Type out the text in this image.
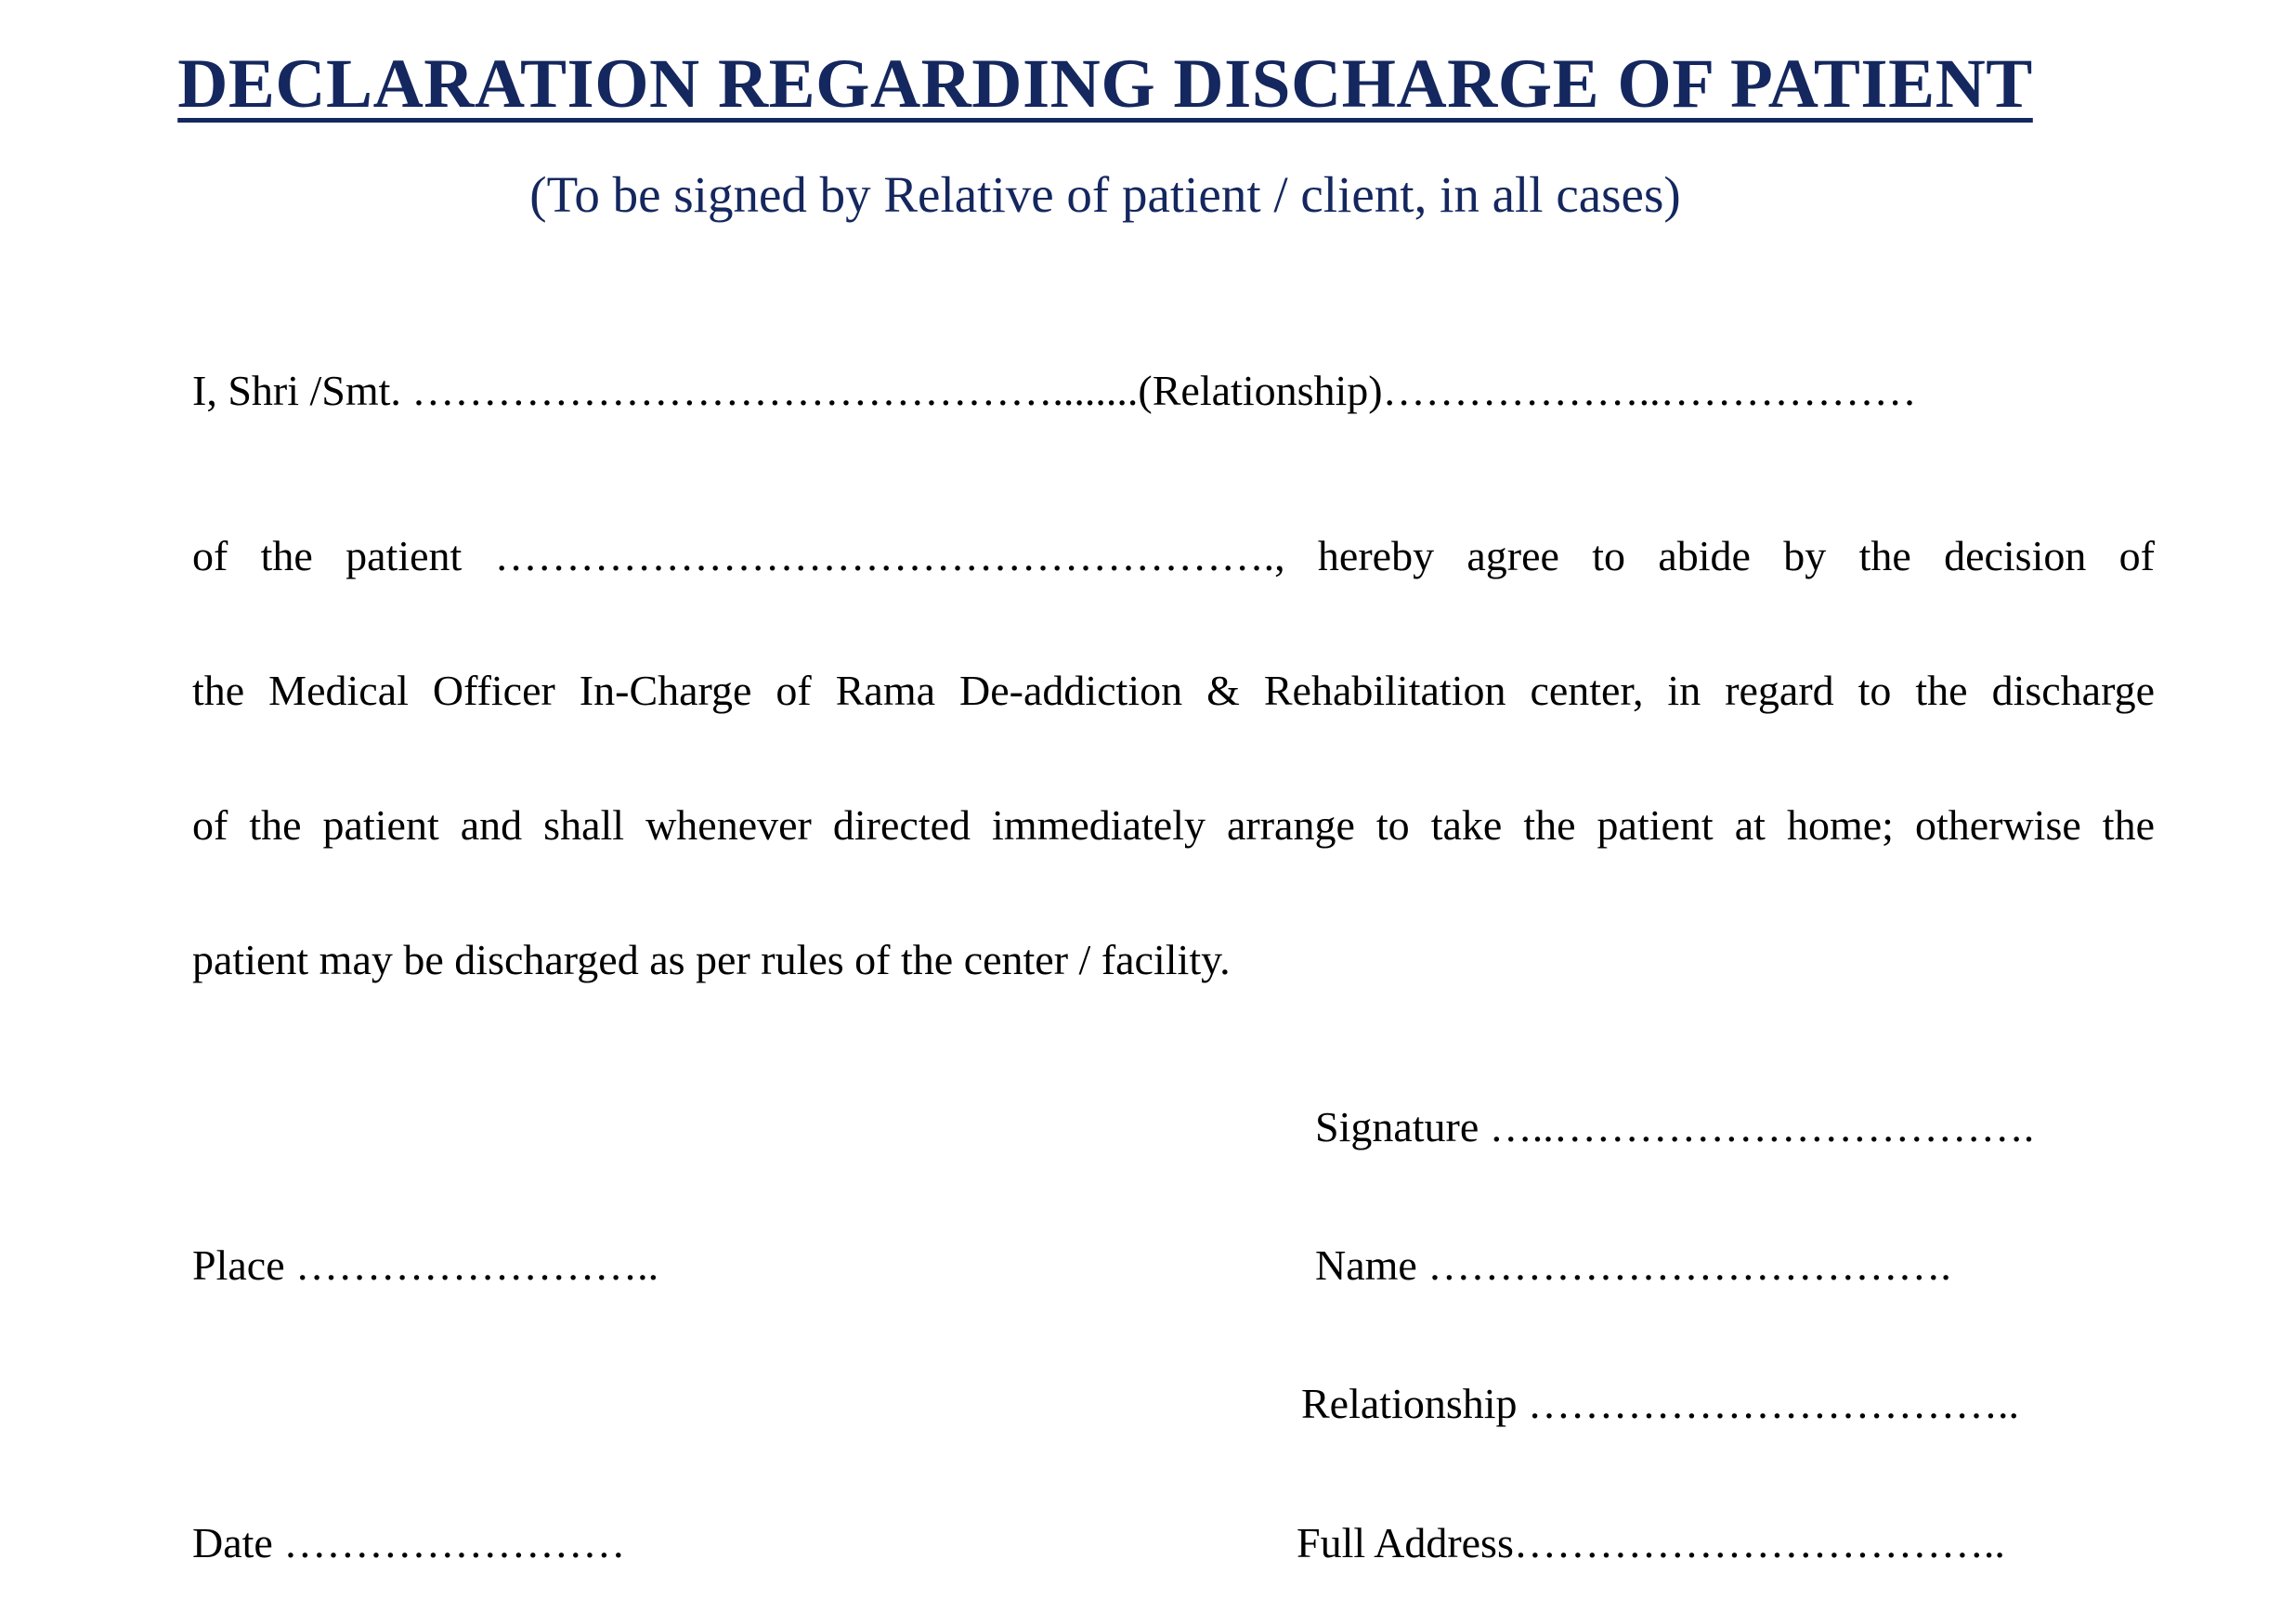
DECLARATION REGARDING DISCHARGE OF PATIENT
(To be signed by Relative of patient / client, in all cases)
I, Shri /Smt. ………………………………………........(Relationship)………………..………………
of the patient ………………………………………………., hereby agree to abide by the decision of
the Medical Officer In-Charge of Rama De-addiction & Rehabilitation center, in regard to the discharge
of the patient and shall whenever directed immediately arrange to take the patient at home; otherwise the
patient may be discharged as per rules of the center / facility.
Signature …..…………………………….
Place ……………………..	Name ……………………………….
Relationship ……………………………..
Date ……………………	Full Address……………………………..
